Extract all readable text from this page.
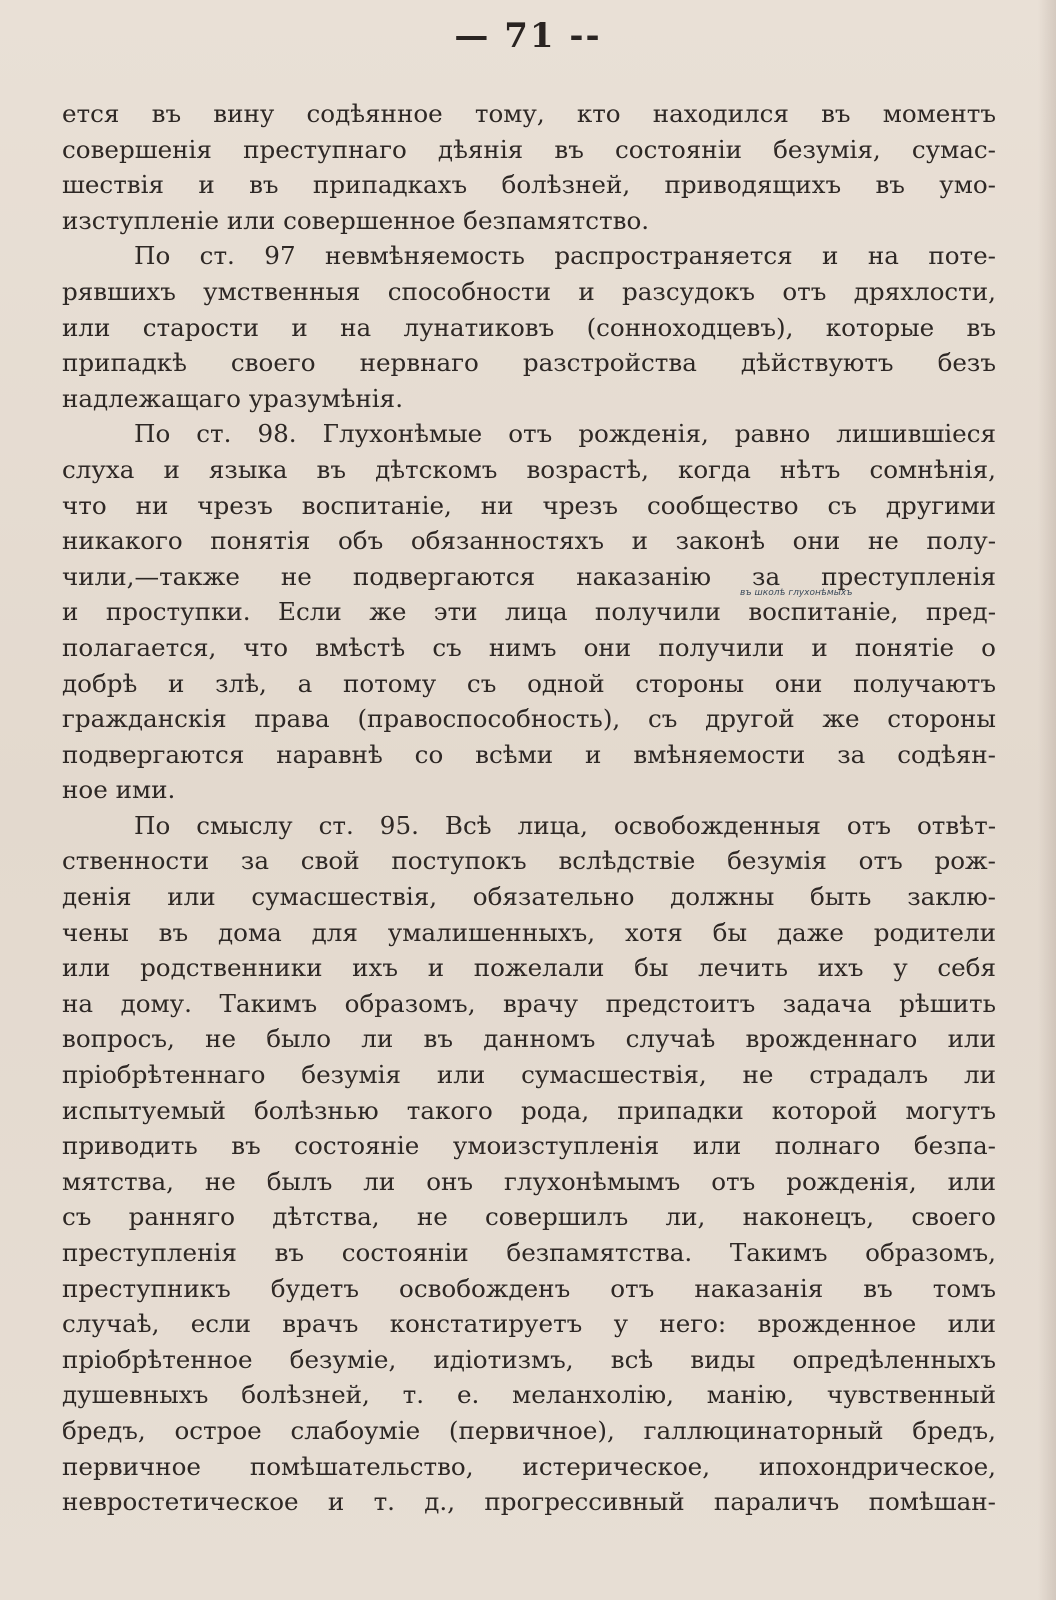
— 71 --
ется въ вину содѣянное тому, кто находился въ моментъ
совершенія преступнаго дѣянія въ состояніи безумія, сумас-
шествія и въ припадкахъ болѣзней, приводящихъ въ умо-
изступленіе или совершенное безпамятство.
По ст. 97 невмѣняемость распространяется и на поте-
рявшихъ умственныя способности и разсудокъ отъ дряхлости,
или старости и на лунатиковъ (сонноходцевъ), которые въ
припадкѣ своего нервнаго разстройства дѣйствуютъ безъ
надлежащаго уразумѣнія.
По ст. 98. Глухонѣмые отъ рожденія, равно лишившіеся
слуха и языка въ дѣтскомъ возрастѣ, когда нѣтъ сомнѣнія,
что ни чрезъ воспитаніе, ни чрезъ сообщество съ другими
никакого понятія объ обязанностяхъ и законѣ они не полу-
чили,—также не подвергаются наказанію за преступленія
и проступки. Если же эти лица получили воспитаніе, пред-
полагается, что вмѣстѣ съ нимъ они получили и понятіе о
добрѣ и злѣ, а потому съ одной стороны они получаютъ
гражданскія права (правоспособность), съ другой же стороны
подвергаются наравнѣ со всѣми и вмѣняемости за содѣян-
ное ими.
По смыслу ст. 95. Всѣ лица, освобожденныя отъ отвѣт-
ственности за свой поступокъ вслѣдствіе безумія отъ рож-
денія или сумасшествія, обязательно должны быть заклю-
чены въ дома для умалишенныхъ, хотя бы даже родители
или родственники ихъ и пожелали бы лечить ихъ у себя
на дому. Такимъ образомъ, врачу предстоитъ задача рѣшить
вопросъ, не было ли въ данномъ случаѣ врожденнаго или
пріобрѣтеннаго безумія или сумасшествія, не страдалъ ли
испытуемый болѣзнью такого рода, припадки которой могутъ
приводить въ состояніе умоизступленія или полнаго безпа-
мятства, не былъ ли онъ глухонѣмымъ отъ рожденія, или
съ ранняго дѣтства, не совершилъ ли, наконецъ, своего
преступленія въ состояніи безпамятства. Такимъ образомъ,
преступникъ будетъ освобожденъ отъ наказанія въ томъ
случаѣ, если врачъ констатируетъ у него: врожденное или
пріобрѣтенное безуміе, идіотизмъ, всѣ виды опредѣленныхъ
душевныхъ болѣзней, т. е. меланхолію, манію, чувственный
бредъ, острое слабоуміе (первичное), галлюцинаторный бредъ,
первичное помѣшательство, истерическое, ипохондрическое,
невростетическое и т. д., прогрессивный параличъ помѣшан-
въ школѣ глухонѣмыхъ
